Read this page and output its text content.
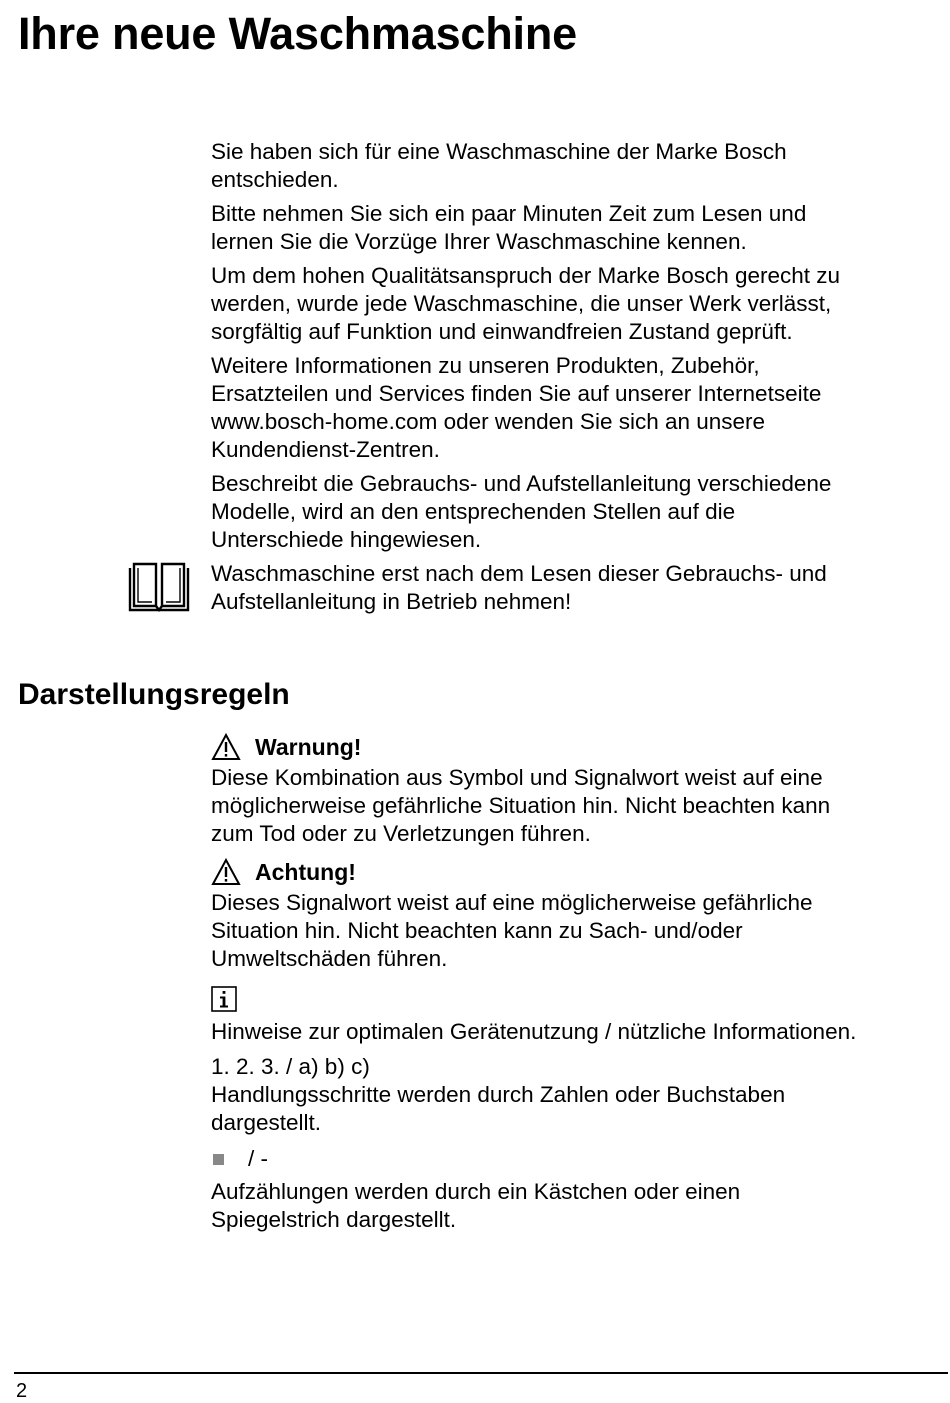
Ihre neue Waschmaschine

Sie haben sich für eine Waschmaschine der Marke Bosch
entschieden.

Bitte nehmen Sie sich ein paar Minuten Zeit zum Lesen und
lernen Sie die Vorzüge Ihrer Waschmaschine kennen.

Um dem hohen Qualitätsanspruch der Marke Bosch gerecht zu
werden, wurde jede Waschmaschine, die unser Werk verlässt,
sorgfältig auf Funktion und einwandfreien Zustand geprüft.

Weitere Informationen zu unseren Produkten, Zubehör,
Ersatzteilen und Services finden Sie auf unserer Internetseite
www.bosch-home.com oder wenden Sie sich an unsere
Kundendienst-Zentren.

Beschreibt die Gebrauchs- und Aufstellanleitung verschiedene
Modelle, wird an den entsprechenden Stellen auf die
Unterschiede hingewiesen.

Waschmaschine erst nach dem Lesen dieser Gebrauchs- und
Aufstellanleitung in Betrieb nehmen!

Darstellungsregeln
Warnung!
Diese Kombination aus Symbol und Signalwort weist auf eine
möglicherweise gefährliche Situation hin. Nicht beachten kann
zum Tod oder zu Verletzungen führen.
Achtung!
Dieses Signalwort weist auf eine möglicherweise gefährliche
Situation hin. Nicht beachten kann zu Sach- und/oder
Umweltschäden führen.
Hinweise zur optimalen Gerätenutzung / nützliche Informationen.
1. 2. 3. / a) b) c)
Handlungsschritte werden durch Zahlen oder Buchstaben
dargestellt.
/ -
Aufzählungen werden durch ein Kästchen oder einen
Spiegelstrich dargestellt.
2
